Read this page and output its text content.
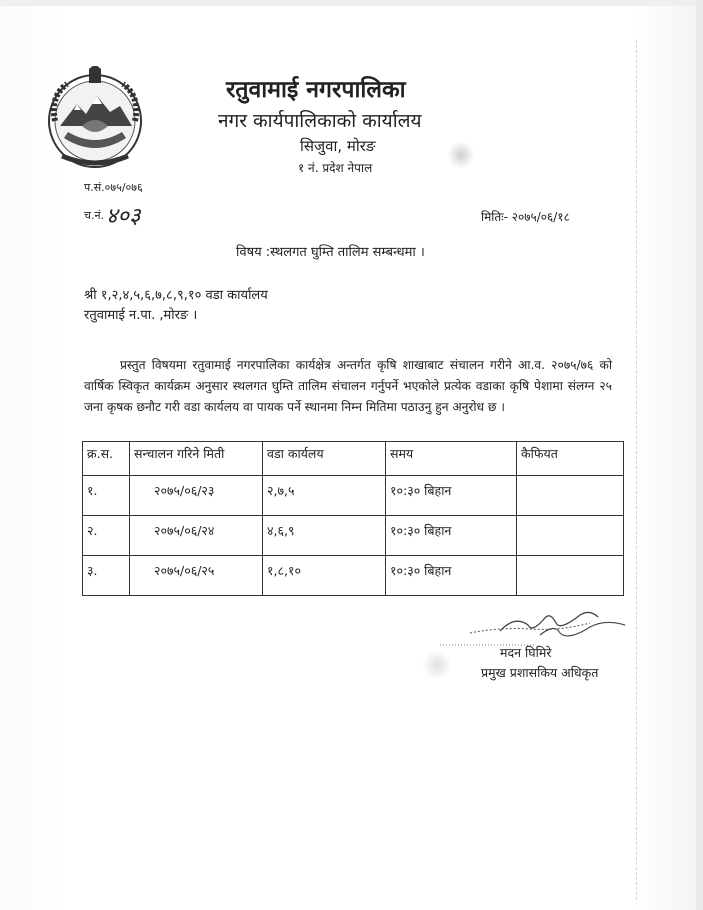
रतुवामाई नगरपालिका
नगर कार्यपालिकाको कार्यालय
सिजुवा, मोरङ
१ नं. प्रदेश नेपाल
प.सं.०७५/०७६
च.नं.४०३	मितिः- २०७५/०६/१८
विषय :स्थलगत घुम्ति तालिम सम्बन्धमा ।
श्री १,२,४,५,६,७,८,९,१० वडा कार्यालय
रतुवामाई न.पा. ,मोरङ ।

प्रस्तुत विषयमा रतुवामाई नगरपालिका कार्यक्षेत्र अन्तर्गत कृषि शाखाबाट संचालन गरीने आ.व. २०७५/७६ को वार्षिक स्विकृत कार्यक्रम अनुसार स्थलगत घुम्ति तालिम संचालन गर्नुपर्ने भएकोले प्रत्येक वडाका कृषि पेशामा संलग्न २५ जना कृषक छनौट गरी वडा कार्यलय वा पायक पर्ने स्थानमा निम्न मितिमा पठाउनु हुन अनुरोध छ ।

क्र.स.	सन्चालन गरिने मिती	वडा कार्यलय	समय	कैफियत
१.	२०७५/०६/२३	२,७,५	१०:३० बिहान	
२.	२०७५/०६/२४	४,६,९	१०:३० बिहान	
३.	२०७५/०६/२५	१,८,१०	१०:३० बिहान	
मदन घिमिरे
प्रमुख प्रशासकिय अधिकृत
